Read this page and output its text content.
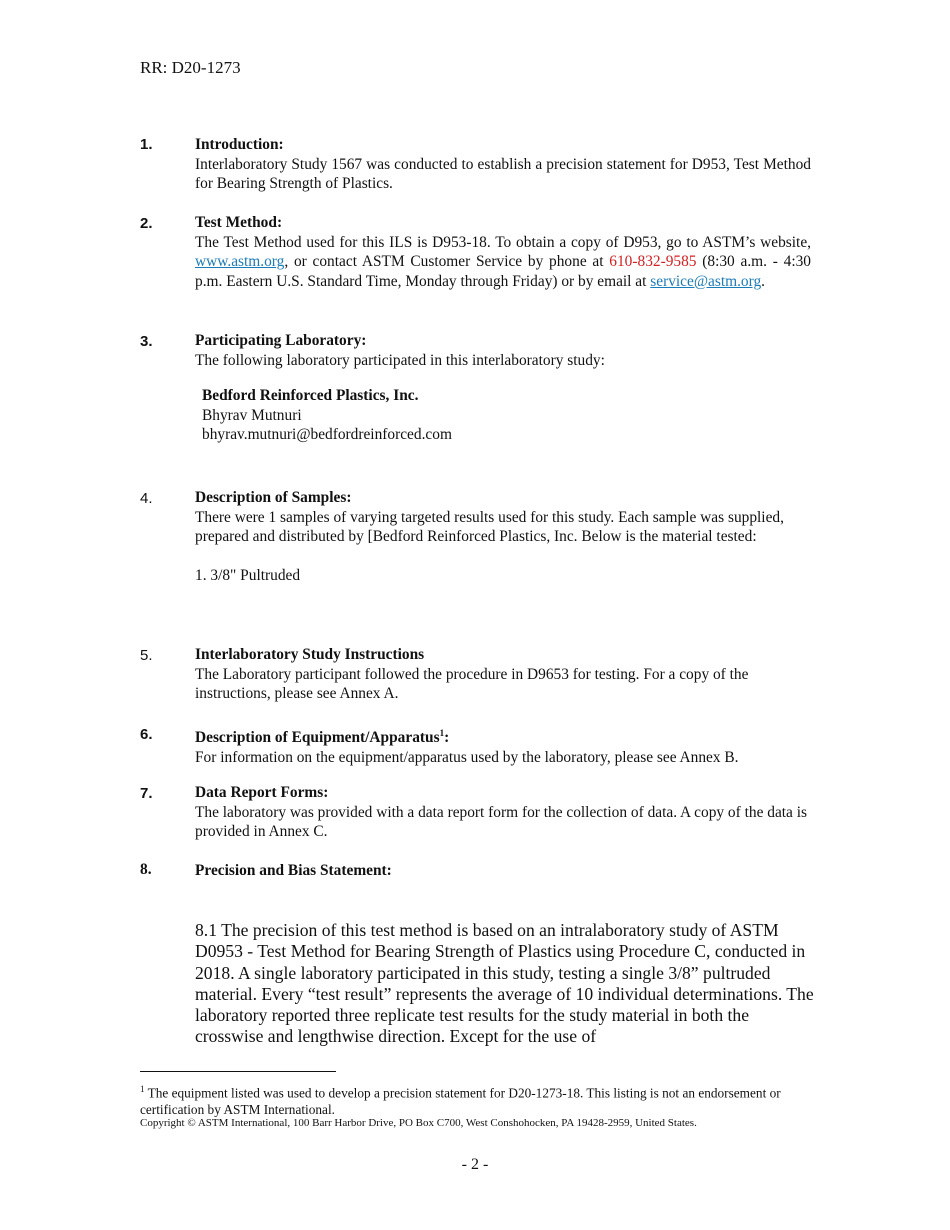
RR: D20-1273
1.	Introduction:
Interlaboratory Study 1567 was conducted to establish a precision statement for D953, Test Method for Bearing Strength of Plastics.
2.	Test Method:
The Test Method used for this ILS is D953-18. To obtain a copy of D953, go to ASTM’s website, www.astm.org, or contact ASTM Customer Service by phone at 610-832-9585 (8:30 a.m. - 4:30 p.m. Eastern U.S. Standard Time, Monday through Friday) or by email at service@astm.org.
3.	Participating Laboratory:
The following laboratory participated in this interlaboratory study:
Bedford Reinforced Plastics, Inc.
Bhyrav Mutnuri
bhyrav.mutnuri@bedfordreinforced.com
4.	Description of Samples:
There were 1 samples of varying targeted results used for this study. Each sample was supplied, prepared and distributed by [Bedford Reinforced Plastics, Inc. Below is the material tested:
1. 3/8" Pultruded
5.	Interlaboratory Study Instructions
The Laboratory participant followed the procedure in D9653 for testing. For a copy of the instructions, please see Annex A.
6.	Description of Equipment/Apparatus$^1$:
For information on the equipment/apparatus used by the laboratory, please see Annex B.
7.	Data Report Forms:
The laboratory was provided with a data report form for the collection of data. A copy of the data is provided in Annex C.
8.	Precision and Bias Statement:
8.1 The precision of this test method is based on an intralaboratory study of ASTM D0953 - Test Method for Bearing Strength of Plastics using Procedure C, conducted in 2018. A single laboratory participated in this study, testing a single 3/8” pultruded material. Every “test result” represents the average of 10 individual determinations. The laboratory reported three replicate test results for the study material in both the crosswise and lengthwise direction. Except for the use of
$^1$ The equipment listed was used to develop a precision statement for D20-1273-18. This listing is not an endorsement or certification by ASTM International.
Copyright © ASTM International, 100 Barr Harbor Drive, PO Box C700, West Conshohocken, PA 19428-2959, United States.
- 2 -
